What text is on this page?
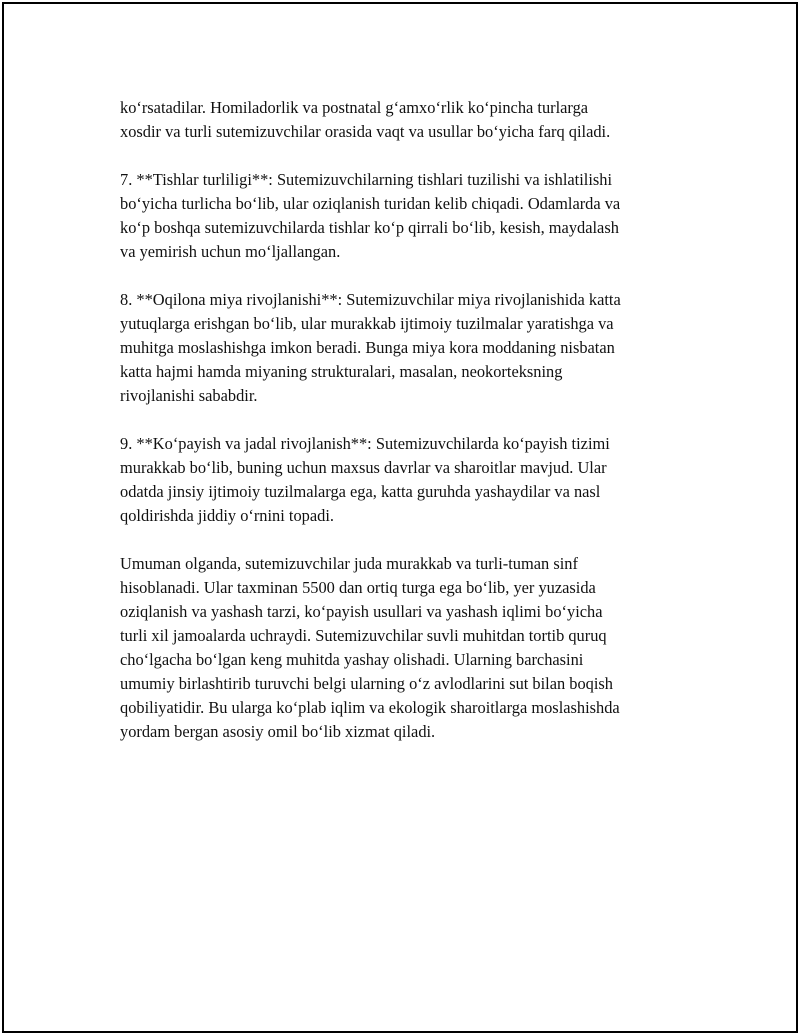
ko‘rsatadilar. Homiladorlik va postnatal g‘amxo‘rlik ko‘pincha turlarga
xosdir va turli sutemizuvchilar orasida vaqt va usullar bo‘yicha farq qiladi.

7. **Tishlar turliligi**: Sutemizuvchilarning tishlari tuzilishi va ishlatilishi
bo‘yicha turlicha bo‘lib, ular oziqlanish turidan kelib chiqadi. Odamlarda va
ko‘p boshqa sutemizuvchilarda tishlar ko‘p qirrali bo‘lib, kesish, maydalash
va yemirish uchun mo‘ljallangan.

8. **Oqilona miya rivojlanishi**: Sutemizuvchilar miya rivojlanishida katta
yutuqlarga erishgan bo‘lib, ular murakkab ijtimoiy tuzilmalar yaratishga va
muhitga moslashishga imkon beradi. Bunga miya kora moddaning nisbatan
katta hajmi hamda miyaning strukturalari, masalan, neokorteksning
rivojlanishi sababdir.

9. **Ko‘payish va jadal rivojlanish**: Sutemizuvchilarda ko‘payish tizimi
murakkab bo‘lib, buning uchun maxsus davrlar va sharoitlar mavjud. Ular
odatda jinsiy ijtimoiy tuzilmalarga ega, katta guruhda yashaydilar va nasl
qoldirishda jiddiy o‘rnini topadi.

Umuman olganda, sutemizuvchilar juda murakkab va turli-tuman sinf
hisoblanadi. Ular taxminan 5500 dan ortiq turga ega bo‘lib, yer yuzasida
oziqlanish va yashash tarzi, ko‘payish usullari va yashash iqlimi bo‘yicha
turli xil jamoalarda uchraydi. Sutemizuvchilar suvli muhitdan tortib quruq
cho‘lgacha bo‘lgan keng muhitda yashay olishadi. Ularning barchasini
umumiy birlashtirib turuvchi belgi ularning o‘z avlodlarini sut bilan boqish
qobiliyatidir. Bu ularga ko‘plab iqlim va ekologik sharoitlarga moslashishda
yordam bergan asosiy omil bo‘lib xizmat qiladi.
